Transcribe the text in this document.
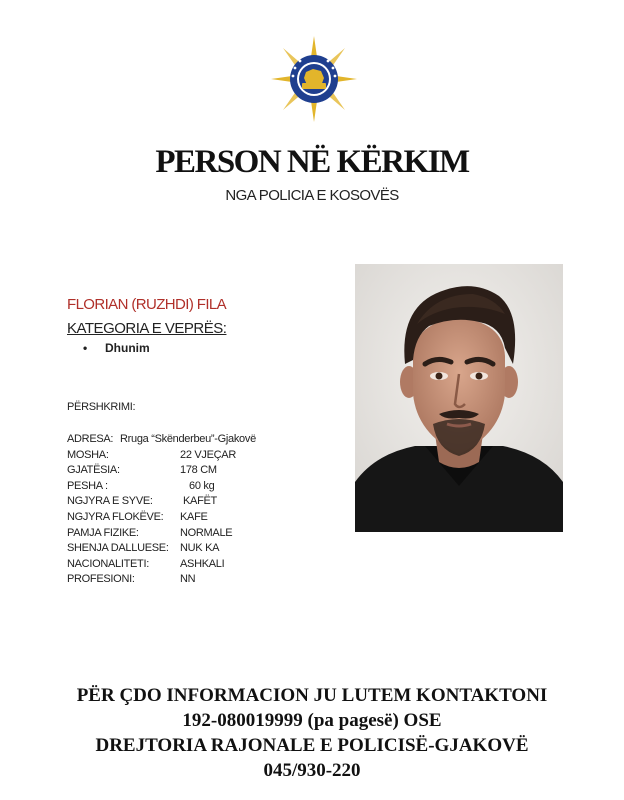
PERSON NË KËRKIM
NGA POLICIA E KOSOVËS
FLORIAN (RUZHDI) FILA
KATEGORIA E VEPRËS:
• Dhunim
PËRSHKRIMI:
ADRESA: Rruga “Skënderbeu”-Gjakovë
MOSHA:	22 VJEÇAR
GJATËSIA:	178 CM
PESHA :	60 kg
NGJYRA E SYVE:	KAFËT
NGJYRA FLOKËVE: KAFE
PAMJA FIZIKE:	NORMALE
SHENJA DALLUESE: NUK KA
NACIONALITETI:	ASHKALI
PROFESIONI:	NN
PËR ÇDO INFORMACION JU LUTEM KONTAKTONI
192-080019999 (pa pagesë) OSE
DREJTORIA RAJONALE E POLICISË-GJAKOVË
045/930-220
